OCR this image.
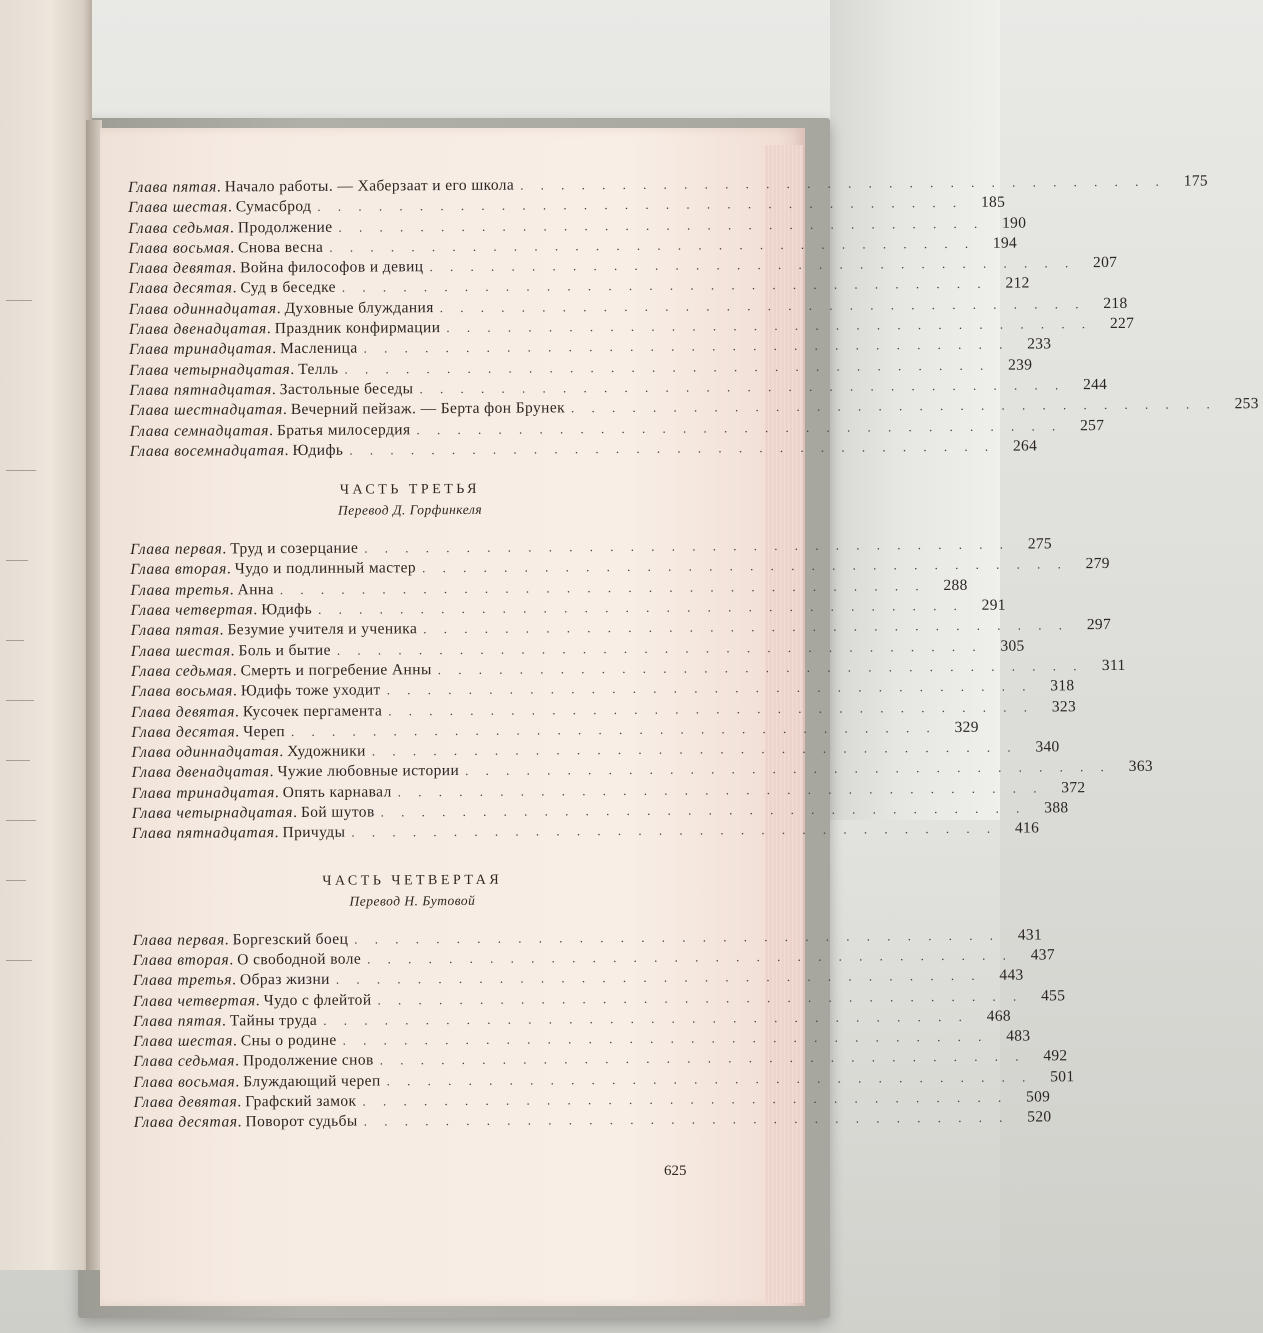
Глава пятая . Начало работы. — Хаберзаат и его школа . . . . . . . . . . . . . . . . . . . . . . . . . . . . . . . .	175
Глава шестая . Сумасброд . . . . . . . . . . . . . . . . . . . . . . . . . . . . . . . .	185
Глава седьмая . Продолжение . . . . . . . . . . . . . . . . . . . . . . . . . . . . . . . .	190
Глава восьмая . Снова весна . . . . . . . . . . . . . . . . . . . . . . . . . . . . . . . .	194
Глава девятая . Война философов и девиц . . . . . . . . . . . . . . . . . . . . . . . . . . . . . . . .	207
Глава десятая . Суд в беседке . . . . . . . . . . . . . . . . . . . . . . . . . . . . . . . .	212
Глава одиннадцатая . Духовные блуждания . . . . . . . . . . . . . . . . . . . . . . . . . . . . . . . .	218
Глава двенадцатая . Праздник конфирмации . . . . . . . . . . . . . . . . . . . . . . . . . . . . . . . .	227
Глава тринадцатая . Масленица . . . . . . . . . . . . . . . . . . . . . . . . . . . . . . . .	233
Глава четырнадцатая . Телль . . . . . . . . . . . . . . . . . . . . . . . . . . . . . . . .	239
Глава пятнадцатая . Застольные беседы . . . . . . . . . . . . . . . . . . . . . . . . . . . . . . . .	244
Глава шестнадцатая . Вечерний пейзаж. — Берта фон Брунек . . . . . . . . . . . . . . . . . . . . . . . . . . . . . . . .	253
Глава семнадцатая . Братья милосердия . . . . . . . . . . . . . . . . . . . . . . . . . . . . . . . .	257
Глава восемнадцатая . Юдифь . . . . . . . . . . . . . . . . . . . . . . . . . . . . . . . .	264
ЧАСТЬ ТРЕТЬЯ
Перевод Д. Горфинкеля
Глава первая . Труд и созерцание . . . . . . . . . . . . . . . . . . . . . . . . . . . . . . . .	275
Глава вторая . Чудо и подлинный мастер . . . . . . . . . . . . . . . . . . . . . . . . . . . . . . . .	279
Глава третья . Анна . . . . . . . . . . . . . . . . . . . . . . . . . . . . . . . .	288
Глава четвертая . Юдифь . . . . . . . . . . . . . . . . . . . . . . . . . . . . . . . .	291
Глава пятая . Безумие учителя и ученика . . . . . . . . . . . . . . . . . . . . . . . . . . . . . . . .	297
Глава шестая . Боль и бытие . . . . . . . . . . . . . . . . . . . . . . . . . . . . . . . .	305
Глава седьмая . Смерть и погребение Анны . . . . . . . . . . . . . . . . . . . . . . . . . . . . . . . .	311
Глава восьмая . Юдифь тоже уходит . . . . . . . . . . . . . . . . . . . . . . . . . . . . . . . .	318
Глава девятая . Кусочек пергамента . . . . . . . . . . . . . . . . . . . . . . . . . . . . . . . .	323
Глава десятая . Череп . . . . . . . . . . . . . . . . . . . . . . . . . . . . . . . .	329
Глава одиннадцатая . Художники . . . . . . . . . . . . . . . . . . . . . . . . . . . . . . . .	340
Глава двенадцатая . Чужие любовные истории . . . . . . . . . . . . . . . . . . . . . . . . . . . . . . . .	363
Глава тринадцатая . Опять карнавал . . . . . . . . . . . . . . . . . . . . . . . . . . . . . . . .	372
Глава четырнадцатая . Бой шутов . . . . . . . . . . . . . . . . . . . . . . . . . . . . . . . .	388
Глава пятнадцатая . Причуды . . . . . . . . . . . . . . . . . . . . . . . . . . . . . . . .	416
ЧАСТЬ ЧЕТВЕРТАЯ
Перевод Н. Бутовой
Глава первая . Боргезский боец . . . . . . . . . . . . . . . . . . . . . . . . . . . . . . . .	431
Глава вторая . О свободной воле . . . . . . . . . . . . . . . . . . . . . . . . . . . . . . . .	437
Глава третья . Образ жизни . . . . . . . . . . . . . . . . . . . . . . . . . . . . . . . .	443
Глава четвертая . Чудо с флейтой . . . . . . . . . . . . . . . . . . . . . . . . . . . . . . . .	455
Глава пятая . Тайны труда . . . . . . . . . . . . . . . . . . . . . . . . . . . . . . . .	468
Глава шестая . Сны о родине . . . . . . . . . . . . . . . . . . . . . . . . . . . . . . . .	483
Глава седьмая . Продолжение снов . . . . . . . . . . . . . . . . . . . . . . . . . . . . . . . .	492
Глава восьмая . Блуждающий череп . . . . . . . . . . . . . . . . . . . . . . . . . . . . . . . .	501
Глава девятая . Графский замок . . . . . . . . . . . . . . . . . . . . . . . . . . . . . . . .	509
Глава десятая . Поворот судьбы . . . . . . . . . . . . . . . . . . . . . . . . . . . . . . . .	520
625
